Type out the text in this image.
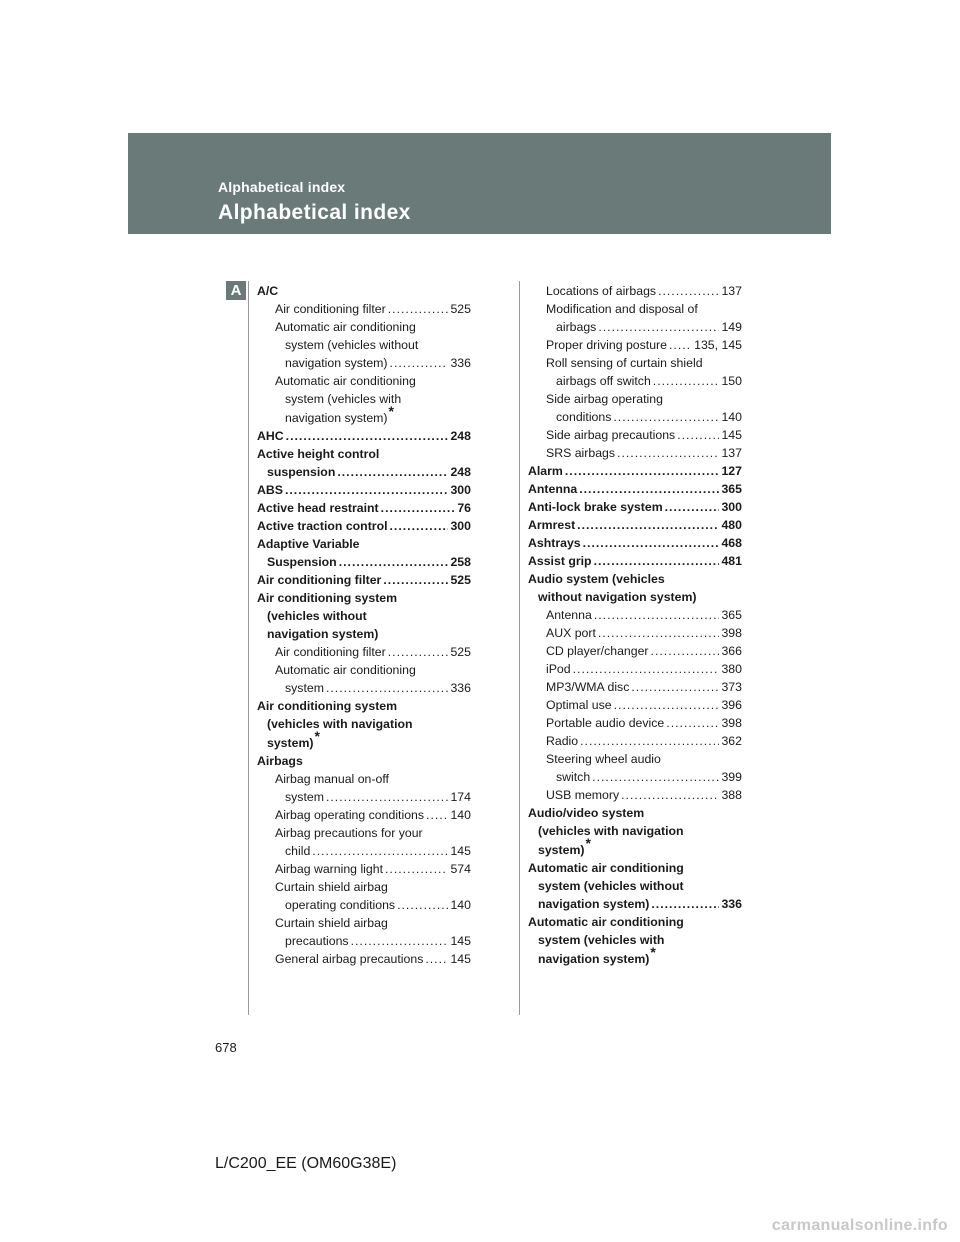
Alphabetical index
Alphabetical index
A	A/C
Air conditioning filter .....	525
Automatic air conditioning
system (vehicles without
navigation system) .....	336
Automatic air conditioning
system (vehicles with
navigation system) *
AHC .....	248
Active height control
suspension .....	248
ABS .....	300
Active head restraint .....	76
Active traction control .....	300
Adaptive Variable
Suspension .....	258
Air conditioning filter .....	525
Air conditioning system
(vehicles without
navigation system)
Air conditioning filter .....	525
Automatic air conditioning
system .....	336
Air conditioning system
(vehicles with navigation
system) *
Airbags
Airbag manual on-off
system .....	174
Airbag operating conditions ..... 140
Airbag precautions for your
child .....	145
Airbag warning light .....	574
Curtain shield airbag
operating conditions .....	140
Curtain shield airbag
precautions .....	145
General airbag precautions ..... 145
Locations of airbags .....	137
Modification and disposal of
airbags .....	149
Proper driving posture ..... 135, 145
Roll sensing of curtain shield
airbags off switch .....	150
Side airbag operating
conditions .....	140
Side airbag precautions .....	145
SRS airbags .....	137
Alarm .....	127
Antenna .....	365
Anti-lock brake system .....	300
Armrest .....	480
Ashtrays .....	468
Assist grip .....	481
Audio system (vehicles
without navigation system)
Antenna .....	365
AUX port .....	398
CD player/changer .....	366
iPod .....	380
MP3/WMA disc .....	373
Optimal use .....	396
Portable audio device .....	398
Radio .....	362
Steering wheel audio
switch .....	399
USB memory .....	388
Audio/video system
(vehicles with navigation
system) *
Automatic air conditioning
system (vehicles without
navigation system) .....	336
Automatic air conditioning
system (vehicles with
navigation system) *
678
L/C200_EE (OM60G38E)
carmanualsonline.info
